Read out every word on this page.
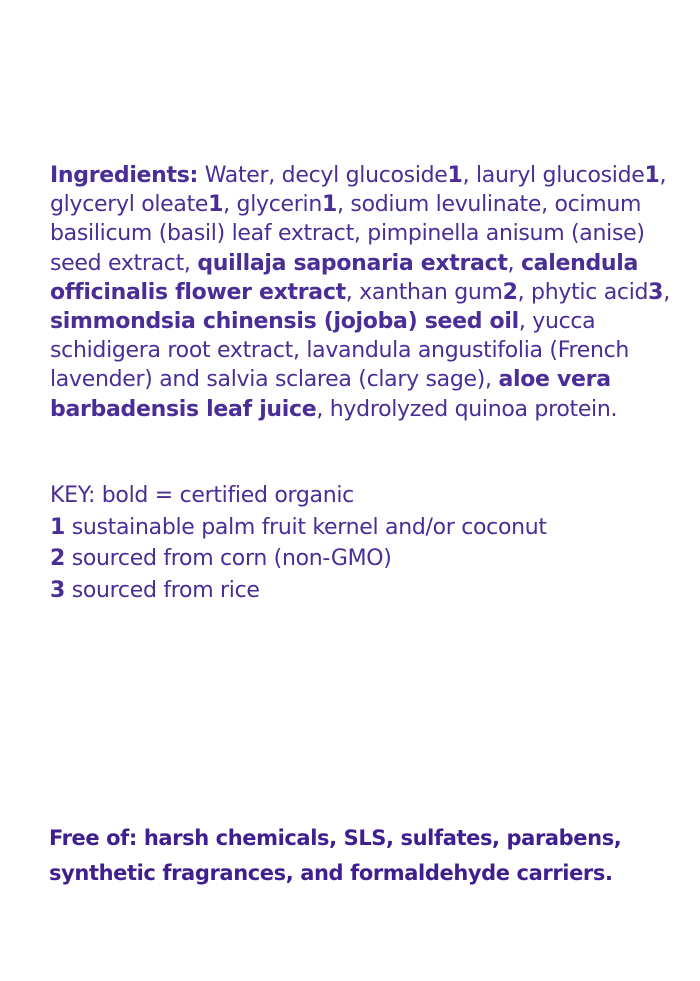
Ingredients: Water, decyl glucoside1, lauryl glucoside1, glyceryl oleate1, glycerin1, sodium levulinate, ocimum basilicum (basil) leaf extract, pimpinella anisum (anise) seed extract, quillaja saponaria extract, calendula officinalis flower extract, xanthan gum2, phytic acid3, simmondsia chinensis (jojoba) seed oil, yucca schidigera root extract, lavandula angustifolia (French lavender) and salvia sclarea (clary sage), aloe vera barbadensis leaf juice, hydrolyzed quinoa protein.

KEY: bold = certified organic
1 sustainable palm fruit kernel and/or coconut
2 sourced from corn (non-GMO)
3 sourced from rice

Free of: harsh chemicals, SLS, sulfates, parabens,
synthetic fragrances, and formaldehyde carriers.
